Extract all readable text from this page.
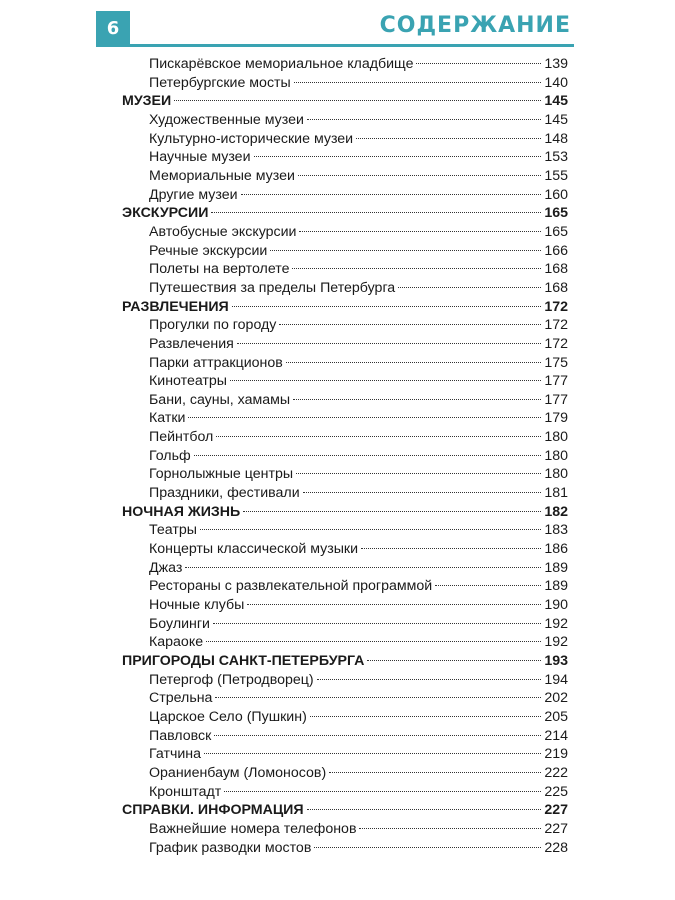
6	СОДЕРЖАНИЕ
Пискарёвское мемориальное кладбище	139
Петербургские мосты	140
МУЗЕИ	145
Художественные музеи	145
Культурно-исторические музеи	148
Научные музеи	153
Мемориальные музеи	155
Другие музеи	160
ЭКСКУРСИИ	165
Автобусные экскурсии	165
Речные экскурсии	166
Полеты на вертолете	168
Путешествия за пределы Петербурга	168
РАЗВЛЕЧЕНИЯ	172
Прогулки по городу	172
Развлечения	172
Парки аттракционов	175
Кинотеатры	177
Бани, сауны, хамамы	177
Катки	179
Пейнтбол	180
Гольф	180
Горнолыжные центры	180
Праздники, фестивали	181
НОЧНАЯ ЖИЗНЬ	182
Театры	183
Концерты классической музыки	186
Джаз	189
Рестораны с развлекательной программой	189
Ночные клубы	190
Боулинги	192
Караоке	192
ПРИГОРОДЫ САНКТ-ПЕТЕРБУРГА	193
Петергоф (Петродворец)	194
Стрельна	202
Царское Село (Пушкин)	205
Павловск	214
Гатчина	219
Ораниенбаум (Ломоносов)	222
Кронштадт	225
СПРАВКИ. ИНФОРМАЦИЯ	227
Важнейшие номера телефонов	227
График разводки мостов	228
